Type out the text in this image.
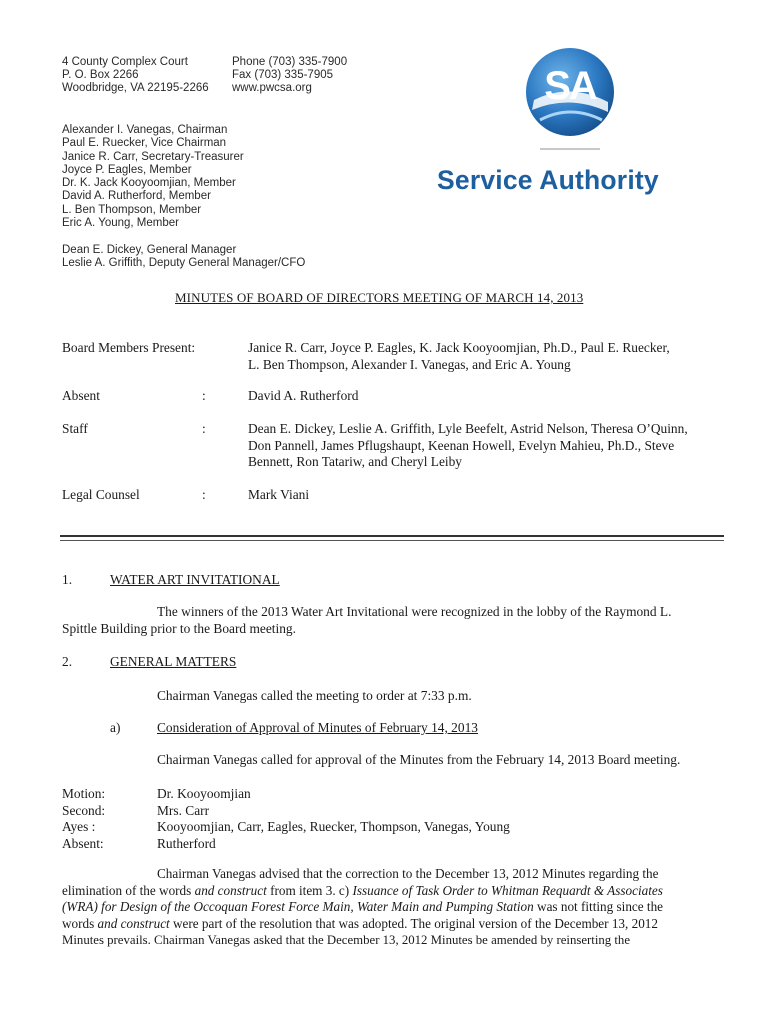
4 County Complex Court
P. O. Box 2266
Woodbridge, VA 22195-2266
Phone (703) 335-7900
Fax (703) 335-7905
www.pwcsa.org	SA
Service Authority
Alexander I. Vanegas, Chairman
Paul E. Ruecker, Vice Chairman
Janice R. Carr, Secretary-Treasurer
Joyce P. Eagles, Member
Dr. K. Jack Kooyoomjian, Member
David A. Rutherford, Member
L. Ben Thompson, Member
Eric A. Young, Member
Dean E. Dickey, General Manager
Leslie A. Griffith, Deputy General Manager/CFO
MINUTES OF BOARD OF DIRECTORS MEETING OF MARCH 14, 2013
Board Members Present:	Janice R. Carr, Joyce P. Eagles, K. Jack Kooyoomjian, Ph.D., Paul E. Ruecker,
L. Ben Thompson, Alexander I. Vanegas, and Eric A. Young
Absent	:	David A. Rutherford
Staff	:	Dean E. Dickey, Leslie A. Griffith, Lyle Beefelt, Astrid Nelson, Theresa O’Quinn,
Don Pannell, James Pflugshaupt, Keenan Howell, Evelyn Mahieu, Ph.D., Steve
Bennett, Ron Tatariw, and Cheryl Leiby
Legal Counsel	:	Mark Viani
1.	WATER ART INVITATIONAL
The winners of the 2013 Water Art Invitational were recognized in the lobby of the Raymond L.
Spittle Building prior to the Board meeting.
2.	GENERAL MATTERS
Chairman Vanegas called the meeting to order at 7:33 p.m.
a)	Consideration of Approval of Minutes of February 14, 2013
Chairman Vanegas called for approval of the Minutes from the February 14, 2013 Board meeting.
Motion:	Dr. Kooyoomjian
Second:	Mrs. Carr
Ayes :	Kooyoomjian, Carr, Eagles, Ruecker, Thompson, Vanegas, Young
Absent:	Rutherford
Chairman Vanegas advised that the correction to the December 13, 2012 Minutes regarding the
elimination of the words and construct from item 3. c) Issuance of Task Order to Whitman Requardt & Associates
(WRA) for Design of the Occoquan Forest Force Main, Water Main and Pumping Station was not fitting since the
words and construct were part of the resolution that was adopted. The original version of the December 13, 2012
Minutes prevails. Chairman Vanegas asked that the December 13, 2012 Minutes be amended by reinserting the
